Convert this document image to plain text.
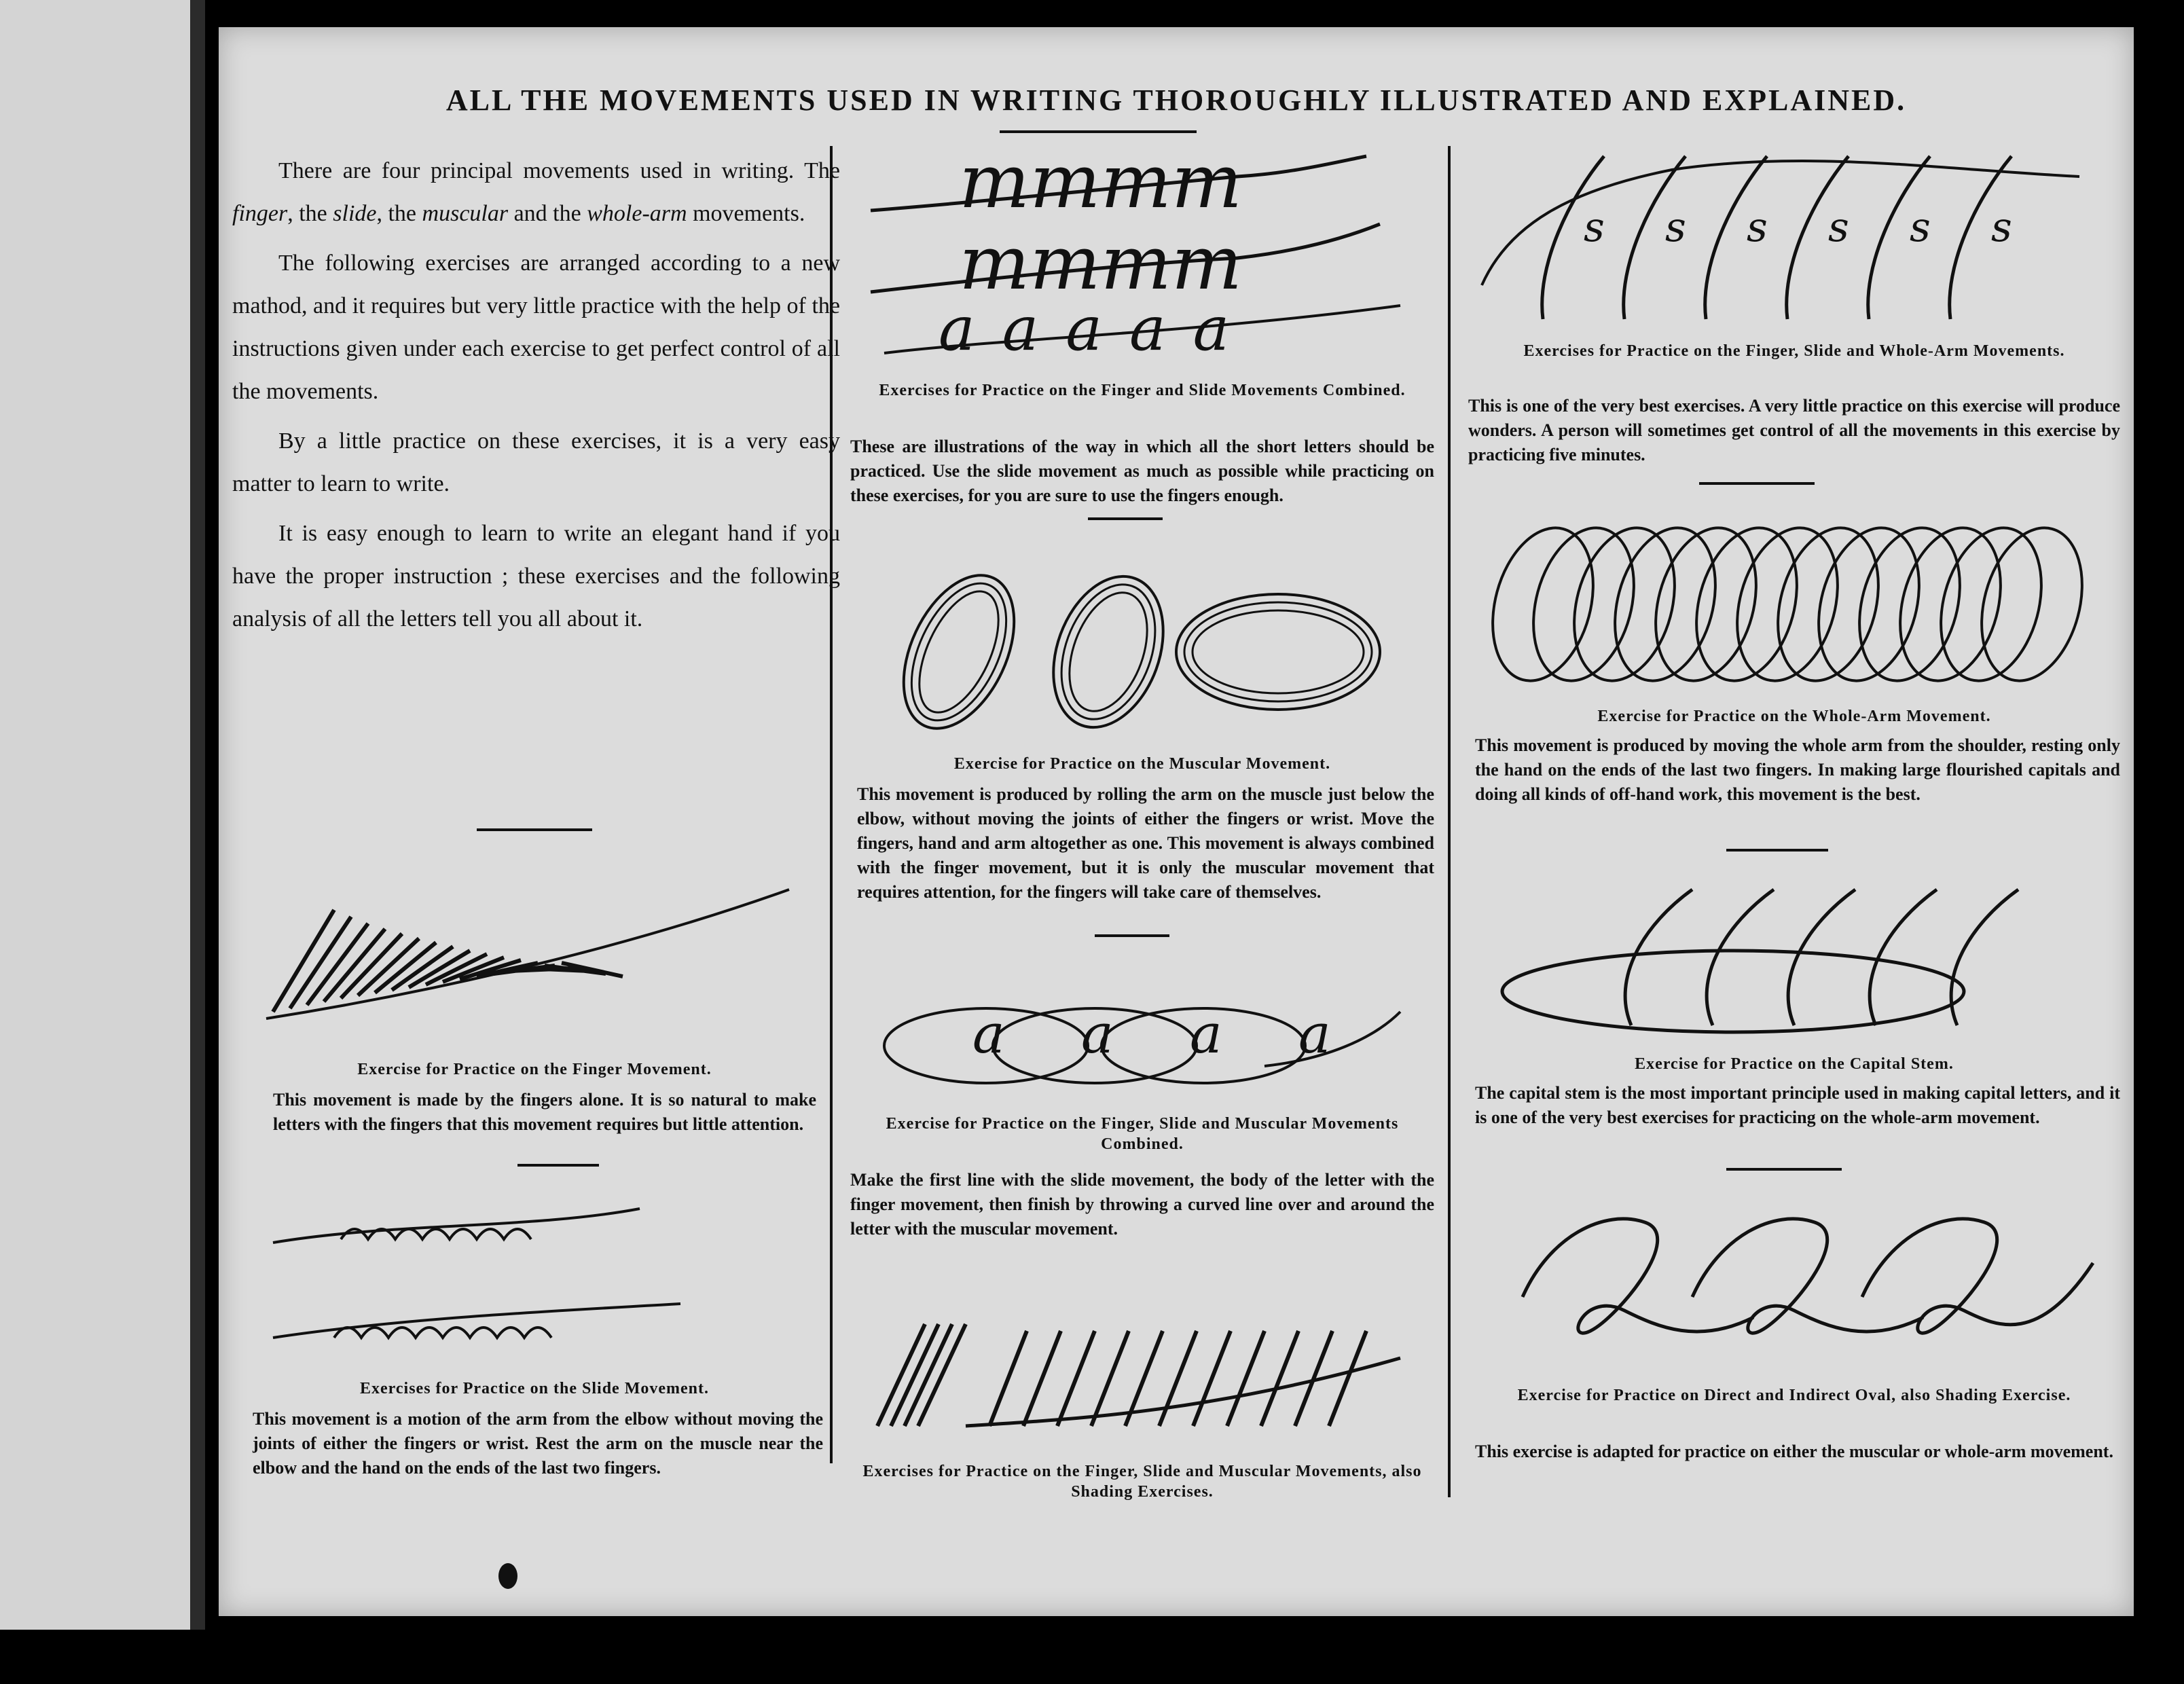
ALL THE MOVEMENTS USED IN WRITING THOROUGHLY ILLUSTRATED AND EXPLAINED.

There are four principal movements used in writing. The finger, the slide, the muscular and the whole-arm movements.

The following exercises are arranged according to a new mathod, and it requires but very little practice with the help of the instructions given under each exercise to get perfect control of all the movements.

By a little practice on these exercises, it is a very easy matter to learn to write.

It is easy enough to learn to write an elegant hand if you have the proper instruction ; these exercises and the following analysis of all the letters tell you all about it.

Exercise for Practice on the Finger Movement.
This movement is made by the fingers alone. It is so natural to make letters with the fingers that this movement requires but little attention.
Exercises for Practice on the Slide Movement.
This movement is a motion of the arm from the elbow without moving the joints of either the fingers or wrist. Rest the arm on the muscle near the elbow and the hand on the ends of the last two fingers.
mmmm
mmmm
aaaaa
Exercises for Practice on the Finger and Slide Movements Combined.
These are illustrations of the way in which all the short letters should be practiced. Use the slide movement as much as possible while practicing on these exercises, for you are sure to use the fingers enough.
Exercise for Practice on the Muscular Movement.
This movement is produced by rolling the arm on the muscle just below the elbow, without moving the joints of either the fingers or wrist. Move the fingers, hand and arm altogether as one. This movement is always combined with the finger movement, but it is only the muscular movement that requires attention, for the fingers will take care of themselves.
a a a a
Exercise for Practice on the Finger, Slide and Muscular Movements Combined.
Make the first line with the slide movement, the body of the letter with the finger movement, then finish by throwing a curved line over and around the letter with the muscular movement.
Exercises for Practice on the Finger, Slide and Muscular Movements, also Shading Exercises.
s s s s s s
Exercises for Practice on the Finger, Slide and Whole-Arm Movements.
This is one of the very best exercises. A very little practice on this exercise will produce wonders. A person will sometimes get control of all the movements in this exercise by practicing five minutes.
Exercise for Practice on the Whole-Arm Movement.
This movement is produced by moving the whole arm from the shoulder, resting only the hand on the ends of the last two fingers. In making large flourished capitals and doing all kinds of off-hand work, this movement is the best.
Exercise for Practice on the Capital Stem.
The capital stem is the most important principle used in making capital letters, and it is one of the very best exercises for practicing on the whole-arm movement.
Exercise for Practice on Direct and Indirect Oval, also Shading Exercise.
This exercise is adapted for practice on either the muscular or whole-arm movement.
